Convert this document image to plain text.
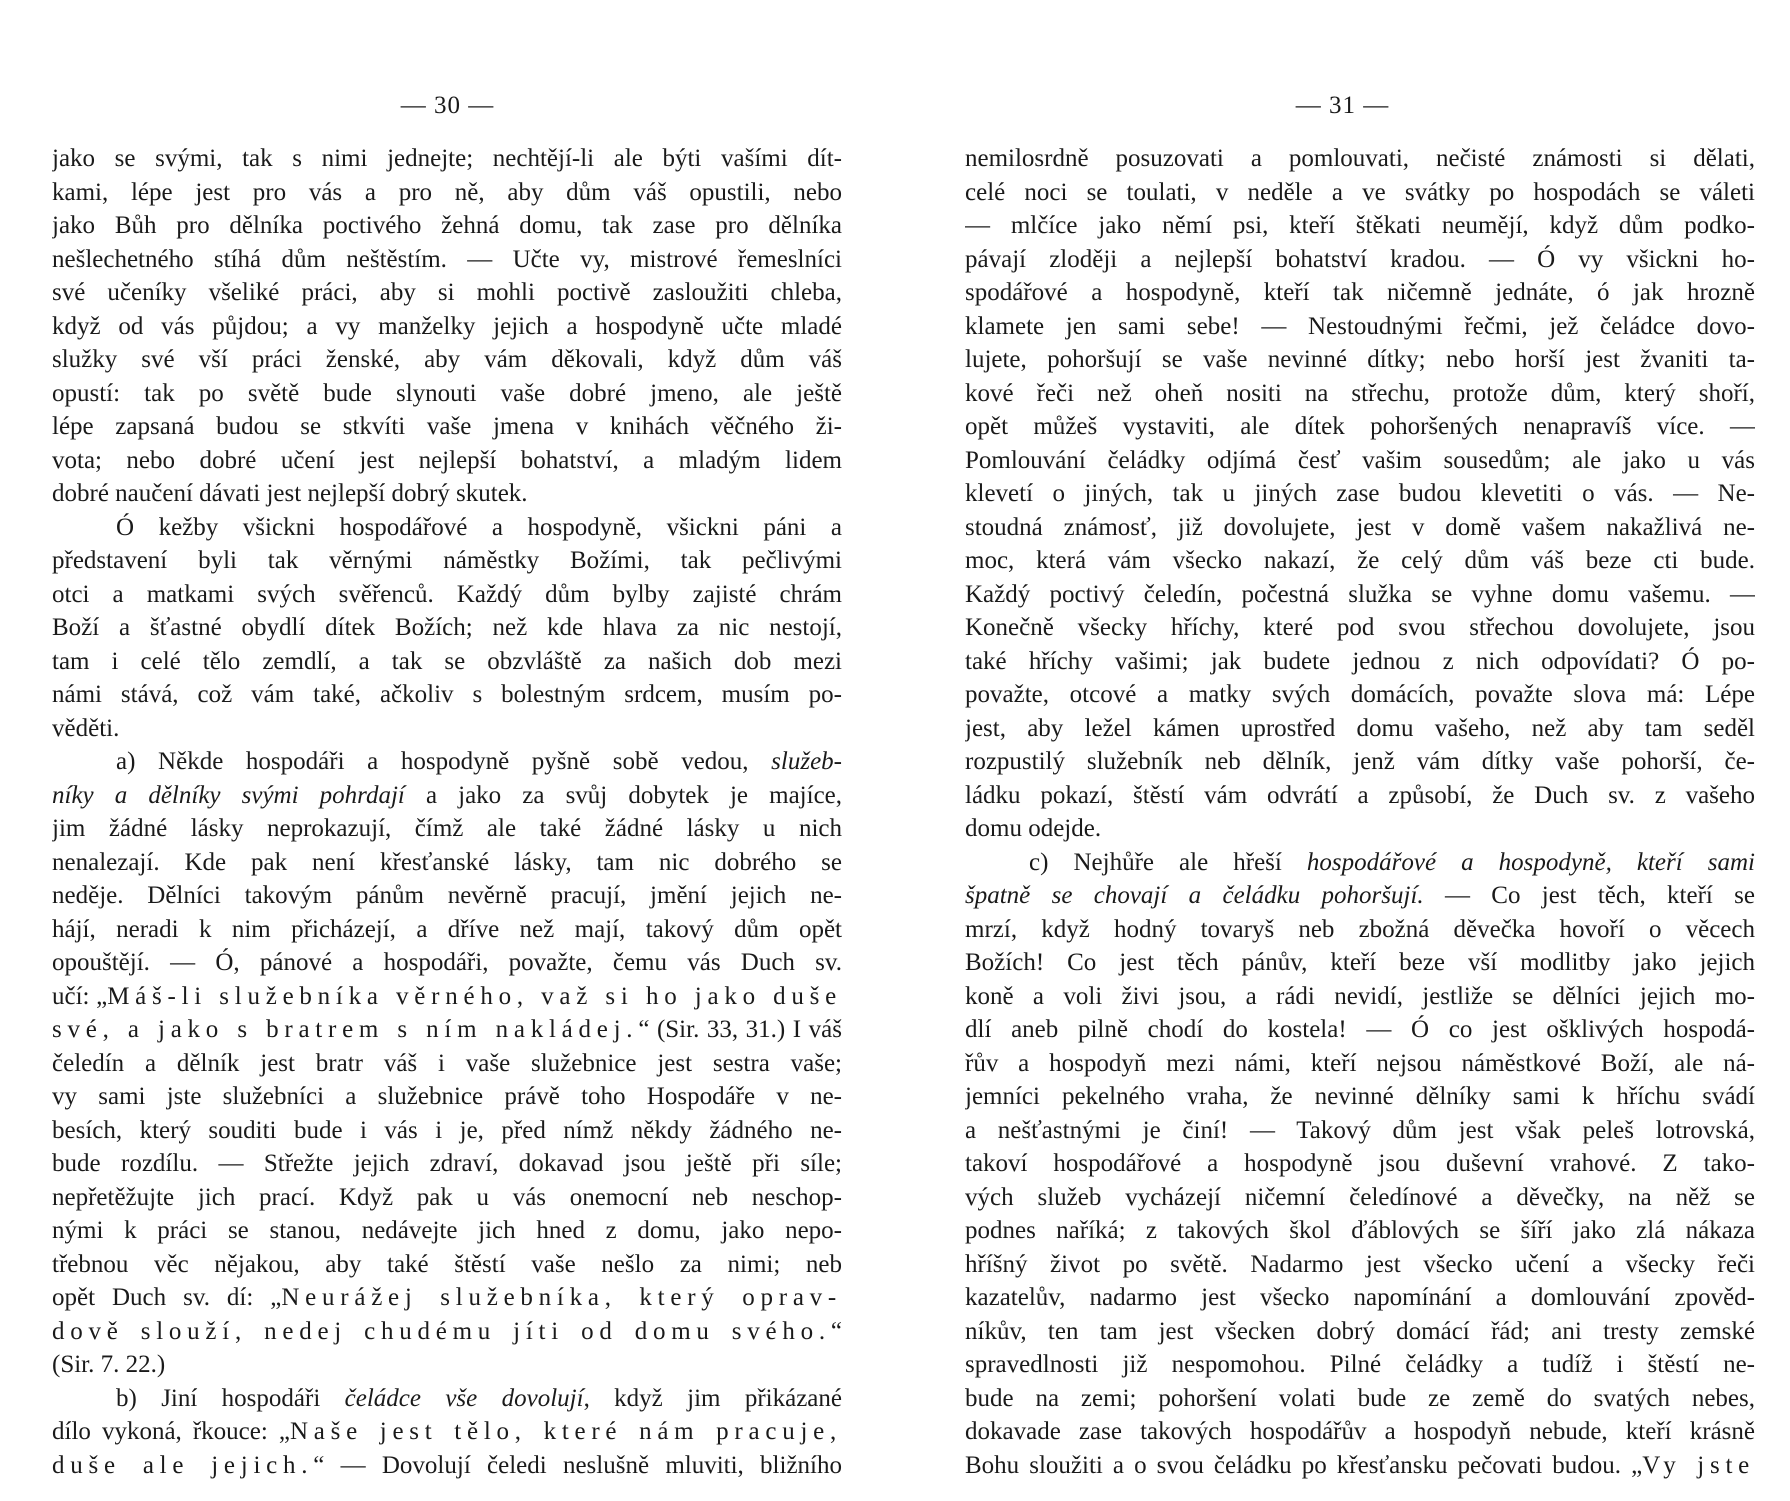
— 30 —
jako se svými, tak s nimi jednejte; nechtějí-li ale býti vašími dít-
kami, lépe jest pro vás a pro ně, aby dům váš opustili, nebo
jako Bůh pro dělníka poctivého žehná domu, tak zase pro dělníka
nešlechetného stíhá dům neštěstím. — Učte vy, mistrové řemeslníci
své učeníky všeliké práci, aby si mohli poctivě zasloužiti chleba,
když od vás půjdou; a vy manželky jejich a hospodyně učte mladé
služky své vší práci ženské, aby vám děkovali, když dům váš
opustí: tak po světě bude slynouti vaše dobré jmeno, ale ještě
lépe zapsaná budou se stkvíti vaše jmena v knihách věčného ži-
vota; nebo dobré učení jest nejlepší bohatství, a mladým lidem
dobré naučení dávati jest nejlepší dobrý skutek.
Ó kežby všickni hospodářové a hospodyně, všickni páni a
představení byli tak věrnými náměstky Božími, tak pečlivými
otci a matkami svých svěřenců. Každý dům bylby zajisté chrám
Boží a šťastné obydlí dítek Božích; než kde hlava za nic nestojí,
tam i celé tělo zemdlí, a tak se obzvláště za našich dob mezi
námi stává, což vám také, ačkoliv s bolestným srdcem, musím po-
věděti.
a) Někde hospodáři a hospodyně pyšně sobě vedou, služeb-
níky a dělníky svými pohrdají a jako za svůj dobytek je majíce,
jim žádné lásky neprokazují, čímž ale také žádné lásky u nich
nenalezají. Kde pak není křesťanské lásky, tam nic dobrého se
neděje. Dělníci takovým pánům nevěrně pracují, jmění jejich ne-
hájí, neradi k nim přicházejí, a dříve než mají, takový dům opět
opouštějí. — Ó, pánové a hospodáři, považte, čemu vás Duch sv.
učí: „Máš-li služebníka věrného, važ si ho jako duše
své, a jako s bratrem s ním nakládej.“ (Sir. 33, 31.) I váš
čeledín a dělník jest bratr váš i vaše služebnice jest sestra vaše;
vy sami jste služebníci a služebnice právě toho Hospodáře v ne-
besích, který souditi bude i vás i je, před nímž někdy žádného ne-
bude rozdílu. — Střežte jejich zdraví, dokavad jsou ještě při síle;
nepřetěžujte jich prací. Když pak u vás onemocní neb neschop-
nými k práci se stanou, nedávejte jich hned z domu, jako nepo-
třebnou věc nějakou, aby také štěstí vaše nešlo za nimi; neb
opět Duch sv. dí: „Neurážej služebníka, který oprav-
dově slouží, nedej chudému jíti od domu svého.“
(Sir. 7. 22.)
b) Jiní hospodáři čeládce vše dovolují, když jim přikázané
dílo vykoná, řkouce: „Naše jest tělo, které nám pracuje,
duše ale jejich.“ — Dovolují čeledi neslušně mluviti, bližního
— 31 —
nemilosrdně posuzovati a pomlouvati, nečisté známosti si dělati,
celé noci se toulati, v neděle a ve svátky po hospodách se váleti
— mlčíce jako němí psi, kteří štěkati neumějí, když dům podko-
pávají zloději a nejlepší bohatství kradou. — Ó vy všickni ho-
spodářové a hospodyně, kteří tak ničemně jednáte, ó jak hrozně
klamete jen sami sebe! — Nestoudnými řečmi, jež čeládce dovo-
lujete, pohoršují se vaše nevinné dítky; nebo horší jest žvaniti ta-
kové řeči než oheň nositi na střechu, protože dům, který shoří,
opět můžeš vystaviti, ale dítek pohoršených nenapravíš více. —
Pomlouvání čeládky odjímá česť vašim sousedům; ale jako u vás
klevetí o jiných, tak u jiných zase budou klevetiti o vás. — Ne-
stoudná známosť, již dovolujete, jest v domě vašem nakažlivá ne-
moc, která vám všecko nakazí, že celý dům váš beze cti bude.
Každý poctivý čeledín, počestná služka se vyhne domu vašemu. —
Konečně všecky hříchy, které pod svou střechou dovolujete, jsou
také hříchy vašimi; jak budete jednou z nich odpovídati? Ó po-
považte, otcové a matky svých domácích, považte slova má: Lépe
jest, aby ležel kámen uprostřed domu vašeho, než aby tam seděl
rozpustilý služebník neb dělník, jenž vám dítky vaše pohorší, če-
ládku pokazí, štěstí vám odvrátí a způsobí, že Duch sv. z vašeho
domu odejde.
c) Nejhůře ale hřeší hospodářové a hospodyně, kteří sami
špatně se chovají a čeládku pohoršují. — Co jest těch, kteří se
mrzí, když hodný tovaryš neb zbožná děvečka hovoří o věcech
Božích! Co jest těch pánův, kteří beze vší modlitby jako jejich
koně a voli živi jsou, a rádi nevidí, jestliže se dělníci jejich mo-
dlí aneb pilně chodí do kostela! — Ó co jest ošklivých hospodá-
řův a hospodyň mezi námi, kteří nejsou náměstkové Boží, ale ná-
jemníci pekelného vraha, že nevinné dělníky sami k hříchu svádí
a nešťastnými je činí! — Takový dům jest však peleš lotrovská,
takoví hospodářové a hospodyně jsou duševní vrahové. Z tako-
vých služeb vycházejí ničemní čeledínové a děvečky, na něž se
podnes naříká; z takových škol ďáblových se šíří jako zlá nákaza
hříšný život po světě. Nadarmo jest všecko učení a všecky řeči
kazatelův, nadarmo jest všecko napomínání a domlouvání zpověd-
níkův, ten tam jest všecken dobrý domácí řád; ani tresty zemské
spravedlnosti již nespomohou. Pilné čeládky a tudíž i štěstí ne-
bude na zemi; pohoršení volati bude ze země do svatých nebes,
dokavade zase takových hospodářův a hospodyň nebude, kteří krásně
Bohu sloužiti a o svou čeládku po křesťansku pečovati budou. „Vy jste
